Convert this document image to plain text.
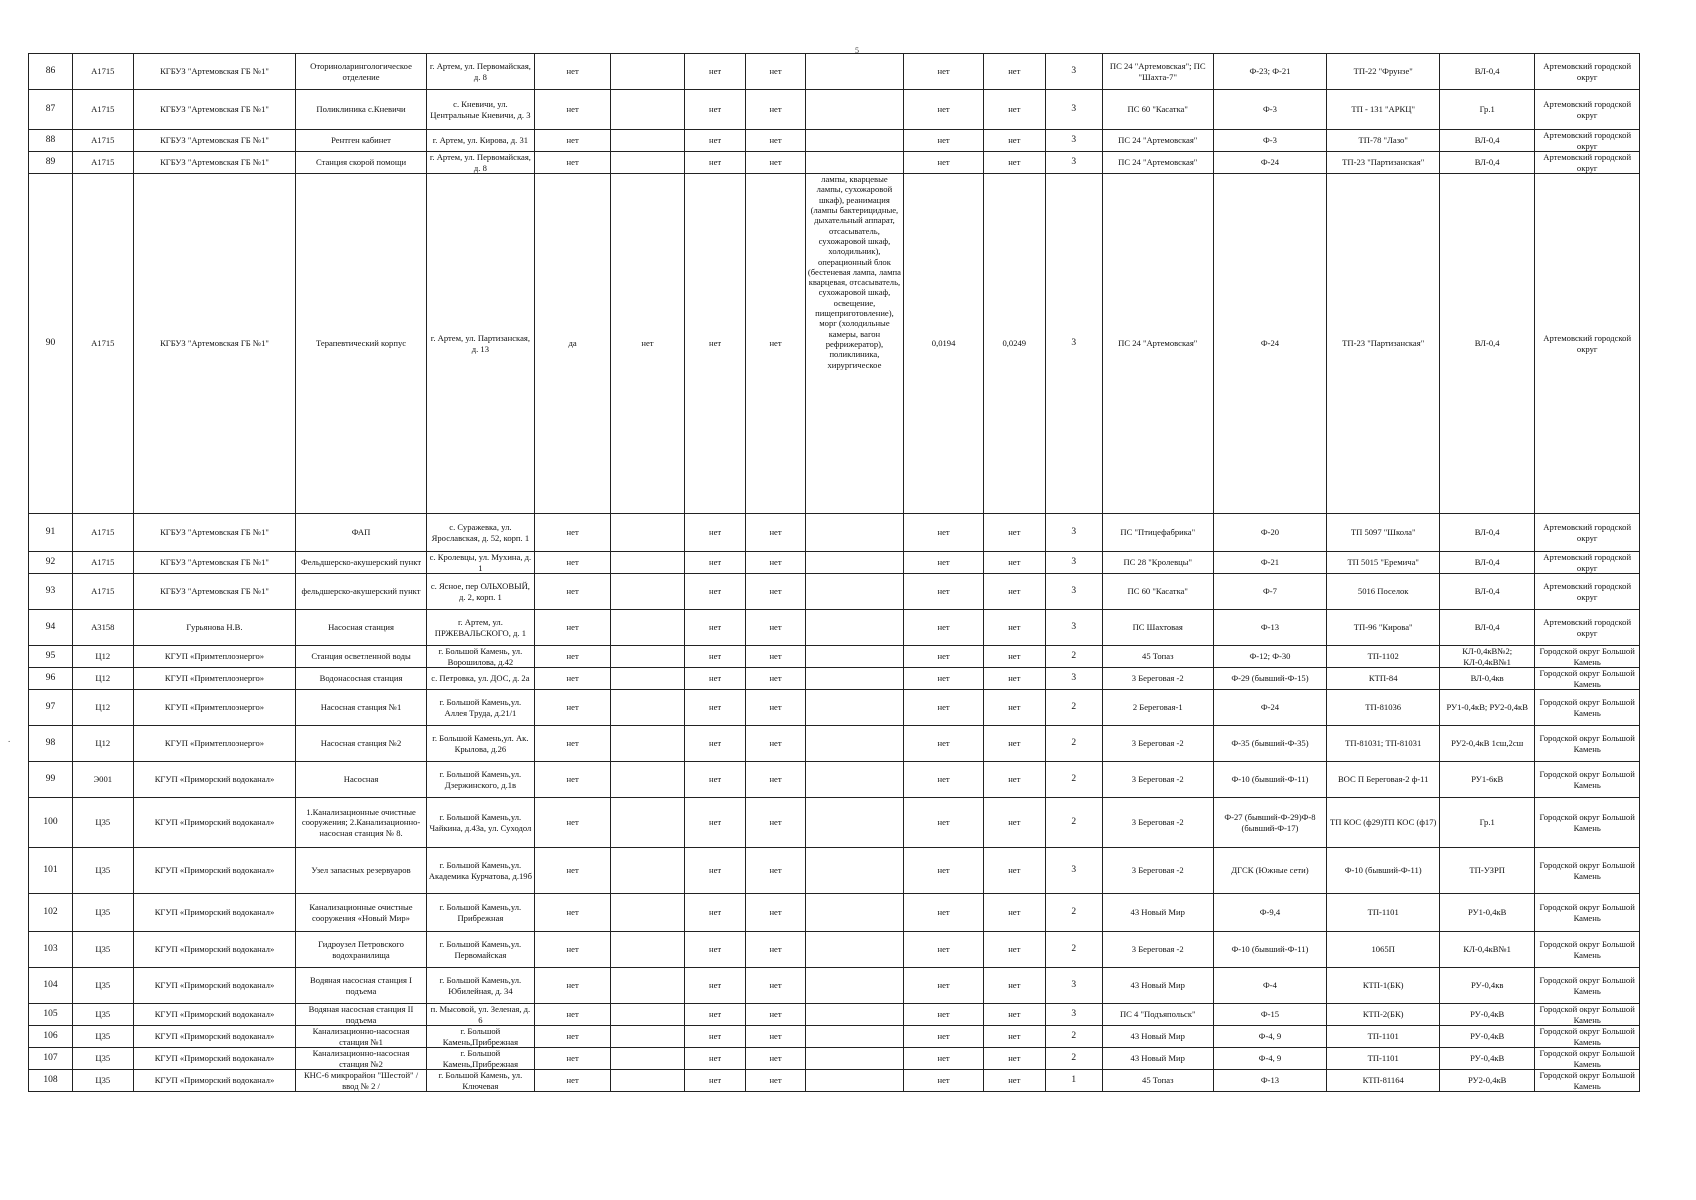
5
.
86	A1715	КГБУЗ "Артемовская ГБ №1"	Оториноларингологическое отделение	г. Артем, ул. Первомайская, д. 8	нет		нет	нет		нет	нет	3	ПС 24 "Артемовская"; ПС "Шахта-7"	Ф-23; Ф-21	ТП-22 "Фрунзе"	ВЛ-0,4	Артемовский городской округ
87	A1715	КГБУЗ "Артемовская ГБ №1"	Поликлиника с.Кневичи	с. Кневичи, ул. Центральные Кневичи, д. 3	нет		нет	нет		нет	нет	3	ПС 60 "Касатка"	Ф-3	ТП - 131 "АРКЦ"	Гр.1	Артемовский городской округ
88	A1715	КГБУЗ "Артемовская ГБ №1"	Рентген кабинет	г. Артем, ул. Кирова, д. 31	нет		нет	нет		нет	нет	3	ПС 24 "Артемовская"	Ф-3	ТП-78 "Лазо"	ВЛ-0,4	Артемовский городской округ
89	A1715	КГБУЗ "Артемовская ГБ №1"	Станция скорой помощи	г. Артем, ул. Первомайская, д. 8	нет		нет	нет		нет	нет	3	ПС 24 "Артемовская"	Ф-24	ТП-23 "Партизанская"	ВЛ-0,4	Артемовский городской округ
90	A1715	КГБУЗ "Артемовская ГБ №1"	Терапевтический корпус	г. Артем, ул. Партизанская, д. 13	да	нет	нет	нет	лампы, кварцевые лампы, сухожаровой шкаф), реанимация (лампы бактерицидные, дыхательный аппарат, отсасыватель, сухожаровой шкаф, холодильник), операционный блок (бестеневая лампа, лампа кварцевая, отсасыватель, сухожаровой шкаф, освещение, пищеприготовление), морг (холодильные камеры, вагон рефрижератор), поликлиника, хирургическое	0,0194	0,0249	3	ПС 24 "Артемовская"	Ф-24	ТП-23 "Партизанская"	ВЛ-0,4	Артемовский городской округ
91	A1715	КГБУЗ "Артемовская ГБ №1"	ФАП	с. Суражевка, ул. Ярославская, д. 52, корп. 1	нет		нет	нет		нет	нет	3	ПС "Птицефабрика"	Ф-20	ТП 5097 "Школа"	ВЛ-0,4	Артемовский городской округ
92	A1715	КГБУЗ "Артемовская ГБ №1"	Фельдшерско-акушерский пункт	с. Кролевцы, ул. Мухина, д. 1	нет		нет	нет		нет	нет	3	ПС 28 "Кролевцы"	Ф-21	ТП 5015 "Еремича"	ВЛ-0,4	Артемовский городской округ
93	A1715	КГБУЗ "Артемовская ГБ №1"	фельдшерско-акушерский пункт	с. Ясное, пер ОЛЬХОВЫЙ, д. 2, корп. 1	нет		нет	нет		нет	нет	3	ПС 60 "Касатка"	Ф-7	5016 Поселок	ВЛ-0,4	Артемовский городской округ
94	A3158	Гурьянова Н.В.	Насосная станция	г. Артем, ул. ПРЖЕВАЛЬСКОГО, д. 1	нет		нет	нет		нет	нет	3	ПС Шахтовая	Ф-13	ТП-96 "Кирова"	ВЛ-0,4	Артемовский городской округ
95	Ц12	КГУП «Примтеплоэнерго»	Станция осветленной воды	г. Большой Камень, ул. Ворошилова, д.42	нет		нет	нет		нет	нет	2	45 Топаз	Ф-12; Ф-30	ТП-1102	КЛ-0,4кВ№2; КЛ-0,4кВ№1	Городской округ Большой Камень
96	Ц12	КГУП «Примтеплоэнерго»	Водонасосная станция	с. Петровка, ул. ДОС, д. 2а	нет		нет	нет		нет	нет	3	3 Береговая -2	Ф-29 (бывший-Ф-15)	КТП-84	ВЛ-0,4кв	Городской округ Большой Камень
97	Ц12	КГУП «Примтеплоэнерго»	Насосная станция №1	г. Большой Камень,ул. Аллея Труда, д.21/1	нет		нет	нет		нет	нет	2	2 Береговая-1	Ф-24	ТП-81036	РУ1-0,4кВ; РУ2-0,4кВ	Городской округ Большой Камень
98	Ц12	КГУП «Примтеплоэнерго»	Насосная станция №2	г. Большой Камень,ул. Ак. Крылова, д.26	нет		нет	нет		нет	нет	2	3 Береговая -2	Ф-35 (бывший-Ф-35)	ТП-81031; ТП-81031	РУ2-0,4кВ 1сш,2сш	Городской округ Большой Камень
99	Э001	КГУП «Приморский водоканал»	Насосная	г. Большой Камень,ул. Дзержинского, д.1в	нет		нет	нет		нет	нет	2	3 Береговая -2	Ф-10 (бывший-Ф-11)	ВОС П Береговая-2 ф-11	РУ1-6кВ	Городской округ Большой Камень
100	Ц35	КГУП «Приморский водоканал»	1.Канализационные очистные сооружения; 2.Канализационно-насосная станция № 8.	г. Большой Камень,ул. Чайкина, д.43а, ул. Суходол	нет		нет	нет		нет	нет	2	3 Береговая -2	Ф-27 (бывший-Ф-29)Ф-8 (бывший-Ф-17)	ТП КОС (ф29)ТП КОС (ф17)	Гр.1	Городской округ Большой Камень
101	Ц35	КГУП «Приморский водоканал»	Узел запасных резервуаров	г. Большой Камень,ул. Академика Курчатова, д.19б	нет		нет	нет		нет	нет	3	3 Береговая -2	ДГСК (Южные сети)	Ф-10 (бывший-Ф-11)	ТП-УЗРП	Городской округ Большой Камень
102	Ц35	КГУП «Приморский водоканал»	Канализационные очистные сооружения «Новый Мир»	г. Большой Камень,ул. Прибрежная	нет		нет	нет		нет	нет	2	43 Новый Мир	Ф-9,4	ТП-1101	РУ1-0,4кВ	Городской округ Большой Камень
103	Ц35	КГУП «Приморский водоканал»	Гидроузел Петровского водохранилища	г. Большой Камень,ул. Первомайская	нет		нет	нет		нет	нет	2	3 Береговая -2	Ф-10 (бывший-Ф-11)	1065П	КЛ-0,4кВ№1	Городской округ Большой Камень
104	Ц35	КГУП «Приморский водоканал»	Водяная насосная станция I подъема	г. Большой Камень,ул. Юбилейная, д. 34	нет		нет	нет		нет	нет	3	43 Новый Мир	Ф-4	КТП-1(БК)	РУ-0,4кв	Городской округ Большой Камень
105	Ц35	КГУП «Приморский водоканал»	Водяная насосная станция II подъема	п. Мысовой, ул. Зеленая, д. 6	нет		нет	нет		нет	нет	3	ПС 4 "Подъяпольск"	Ф-15	КТП-2(БК)	РУ-0,4кВ	Городской округ Большой Камень
106	Ц35	КГУП «Приморский водоканал»	Канализационно-насосная станция №1	г. Большой Камень,Прибрежная	нет		нет	нет		нет	нет	2	43 Новый Мир	Ф-4, 9	ТП-1101	РУ-0,4кВ	Городской округ Большой Камень
107	Ц35	КГУП «Приморский водоканал»	Канализационно-насосная станция №2	г. Большой Камень,Прибрежная	нет		нет	нет		нет	нет	2	43 Новый Мир	Ф-4, 9	ТП-1101	РУ-0,4кВ	Городской округ Большой Камень
108	Ц35	КГУП «Приморский водоканал»	КНС-6 микрорайон "Шестой" / ввод № 2 /	г. Большой Камень, ул. Ключевая	нет		нет	нет		нет	нет	1	45 Топаз	Ф-13	КТП-81164	РУ2-0,4кВ	Городской округ Большой Камень
